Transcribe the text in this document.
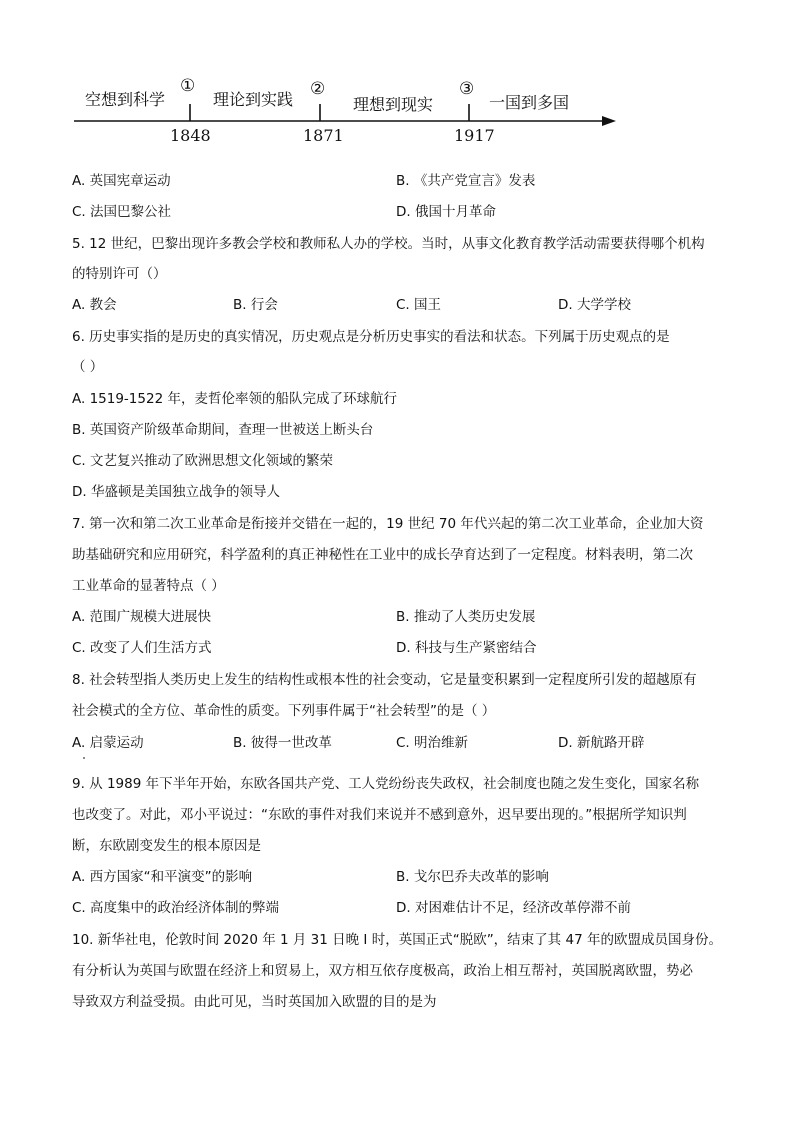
空想到科学	理论到实践	理想到现实	一国到多国
①	②	③
1848	1871	1917
A. 英国宪章运动	B. 《共产党宣言》发表
C. 法国巴黎公社	D. 俄国十月革命
5. 12 世纪，巴黎出现许多教会学校和教师私人办的学校。当时，从事文化教育教学活动需要获得哪个机构
的特别许可（）
A. 教会	B. 行会	C. 国王	D. 大学学校
6. 历史事实指的是历史的真实情况，历史观点是分析历史事实的看法和状态。下列属于历史观点的是
（ ）
A. 1519-1522 年，麦哲伦率领的船队完成了环球航行
B. 英国资产阶级革命期间，查理一世被送上断头台
C. 文艺复兴推动了欧洲思想文化领域的繁荣
D. 华盛顿是美国独立战争的领导人
7. 第一次和第二次工业革命是衔接并交错在一起的，19 世纪 70 年代兴起的第二次工业革命，企业加大资
助基础研究和应用研究，科学盈利的真正神秘性在工业中的成长孕育达到了一定程度。材料表明，第二次
工业革命的显著特点（ ）
A. 范围广规模大进展快	B. 推动了人类历史发展
C. 改变了人们生活方式	D. 科技与生产紧密结合
8. 社会转型指人类历史上发生的结构性或根本性的社会变动，它是量变积累到一定程度所引发的超越原有
社会模式的全方位、革命性的质变。下列事件属于“社会转型”的是（ ）
A. 启蒙运动	B. 彼得一世改革	C. 明治维新	D. 新航路开辟
9. 从 1989 年下半年开始，东欧各国共产党、工人党纷纷丧失政权，社会制度也随之发生变化，国家名称
也改变了。对此，邓小平说过：“东欧的事件对我们来说并不感到意外，迟早要出现的。”根据所学知识判
断，东欧剧变发生的根本原因是
A. 西方国家“和平演变”的影响	B. 戈尔巴乔夫改革的影响
C. 高度集中的政治经济体制的弊端	D. 对困难估计不足，经济改革停滞不前
10. 新华社电，伦敦时间 2020 年 1 月 31 日晚 I 时，英国正式“脱欧”，结束了其 47 年的欧盟成员国身份。
有分析认为英国与欧盟在经济上和贸易上，双方相互依存度极高，政治上相互帮衬，英国脱离欧盟，势必
导致双方利益受损。由此可见，当时英国加入欧盟的目的是为
